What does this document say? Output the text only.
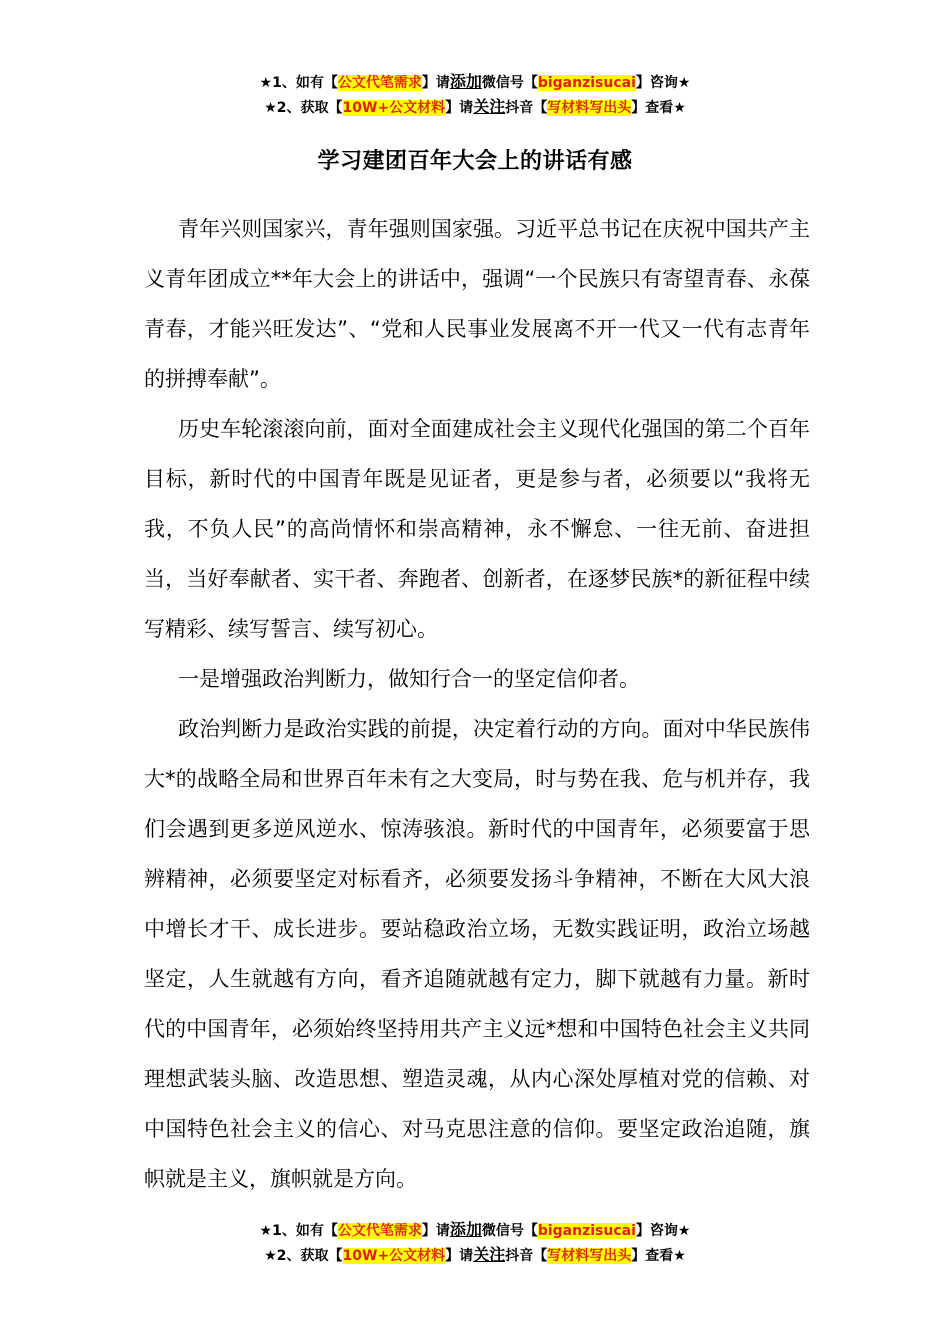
★1、如有【公文代笔需求】请添加微信号【biganzisucai】咨询★
★2、获取【10W+公文材料】请关注抖音【写材料写出头】查看★
学习建团百年大会上的讲话有感

青年兴则国家兴，青年强则国家强。习近平总书记在庆祝中国共产主义青年团成立**年大会上的讲话中，强调“一个民族只有寄望青春、永葆青春，才能兴旺发达”、“党和人民事业发展离不开一代又一代有志青年的拼搏奉献”。

历史车轮滚滚向前，面对全面建成社会主义现代化强国的第二个百年目标，新时代的中国青年既是见证者，更是参与者，必须要以“我将无我，不负人民”的高尚情怀和崇高精神，永不懈怠、一往无前、奋进担当，当好奉献者、实干者、奔跑者、创新者，在逐梦民族*的新征程中续写精彩、续写誓言、续写初心。

一是增强政治判断力，做知行合一的坚定信仰者。

政治判断力是政治实践的前提，决定着行动的方向。面对中华民族伟大*的战略全局和世界百年未有之大变局，时与势在我、危与机并存，我们会遇到更多逆风逆水、惊涛骇浪。新时代的中国青年，必须要富于思辨精神，必须要坚定对标看齐，必须要发扬斗争精神，不断在大风大浪中增长才干、成长进步。要站稳政治立场，无数实践证明，政治立场越坚定，人生就越有方向，看齐追随就越有定力，脚下就越有力量。新时代的中国青年，必须始终坚持用共产主义远*想和中国特色社会主义共同理想武装头脑、改造思想、塑造灵魂，从内心深处厚植对党的信赖、对中国特色社会主义的信心、对马克思注意的信仰。要坚定政治追随，旗帜就是主义，旗帜就是方向。

★1、如有【公文代笔需求】请添加微信号【biganzisucai】咨询★
★2、获取【10W+公文材料】请关注抖音【写材料写出头】查看★
